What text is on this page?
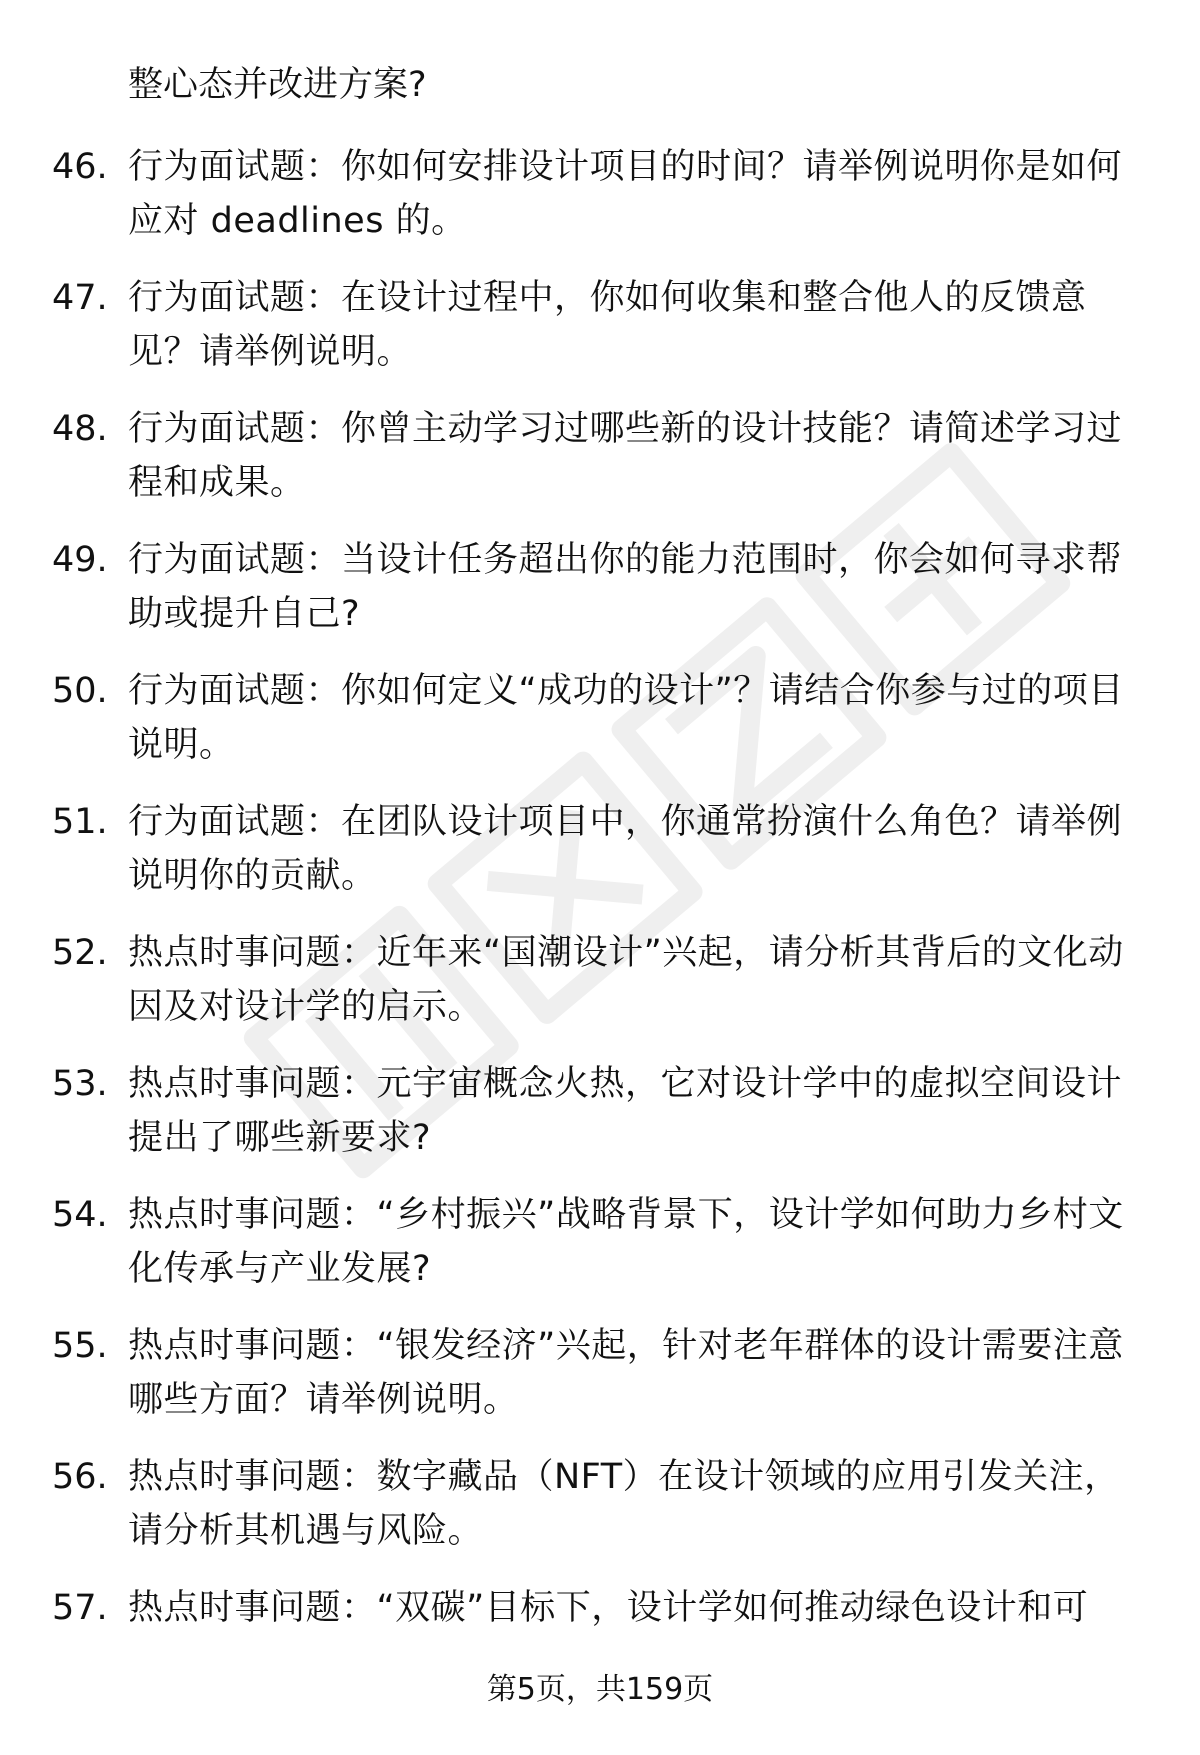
整心态并改进方案?
46. 行为面试题：你如何安排设计项目的时间？请举例说明你是如何应对 deadlines 的。
47. 行为面试题：在设计过程中，你如何收集和整合他人的反馈意见？请举例说明。
48. 行为面试题：你曾主动学习过哪些新的设计技能？请简述学习过程和成果。
49. 行为面试题：当设计任务超出你的能力范围时，你会如何寻求帮助或提升自己?
50. 行为面试题：你如何定义“成功的设计”？请结合你参与过的项目说明。
51. 行为面试题：在团队设计项目中，你通常扮演什么角色？请举例说明你的贡献。
52. 热点时事问题：近年来“国潮设计”兴起，请分析其背后的文化动因及对设计学的启示。
53. 热点时事问题：元宇宙概念火热，它对设计学中的虚拟空间设计提出了哪些新要求?
54. 热点时事问题：“乡村振兴”战略背景下，设计学如何助力乡村文化传承与产业发展?
55. 热点时事问题：“银发经济”兴起，针对老年群体的设计需要注意哪些方面？请举例说明。
56. 热点时事问题：数字藏品（NFT）在设计领域的应用引发关注，请分析其机遇与风险。
57. 热点时事问题：“双碳”目标下，设计学如何推动绿色设计和可
第5页，共159页
